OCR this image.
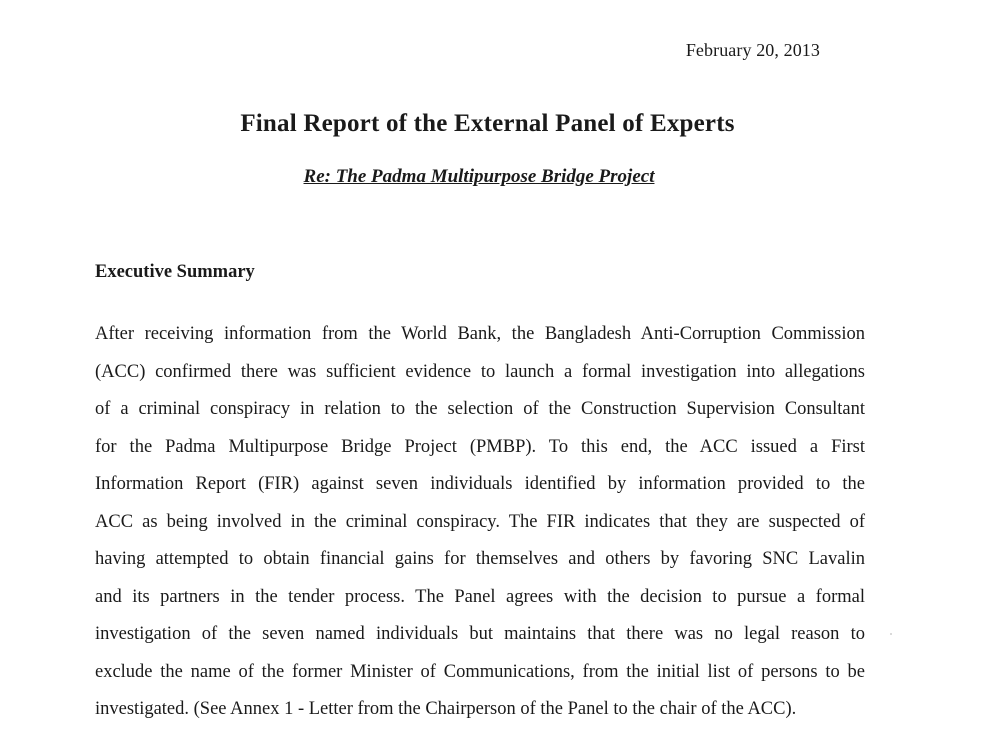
February 20, 2013
Final Report of the External Panel of Experts
Re: The Padma Multipurpose Bridge Project
Executive Summary
After receiving information from the World Bank, the Bangladesh Anti-Corruption Commission
(ACC) confirmed there was sufficient evidence to launch a formal investigation into allegations
of a criminal conspiracy in relation to the selection of the Construction Supervision Consultant
for the Padma Multipurpose Bridge Project (PMBP). To this end, the ACC issued a First
Information Report (FIR) against seven individuals identified by information provided to the
ACC as being involved in the criminal conspiracy. The FIR indicates that they are suspected of
having attempted to obtain financial gains for themselves and others by favoring SNC Lavalin
and its partners in the tender process. The Panel agrees with the decision to pursue a formal
investigation of the seven named individuals but maintains that there was no legal reason to
exclude the name of the former Minister of Communications, from the initial list of persons to be
investigated. (See Annex 1 - Letter from the Chairperson of the Panel to the chair of the ACC).
